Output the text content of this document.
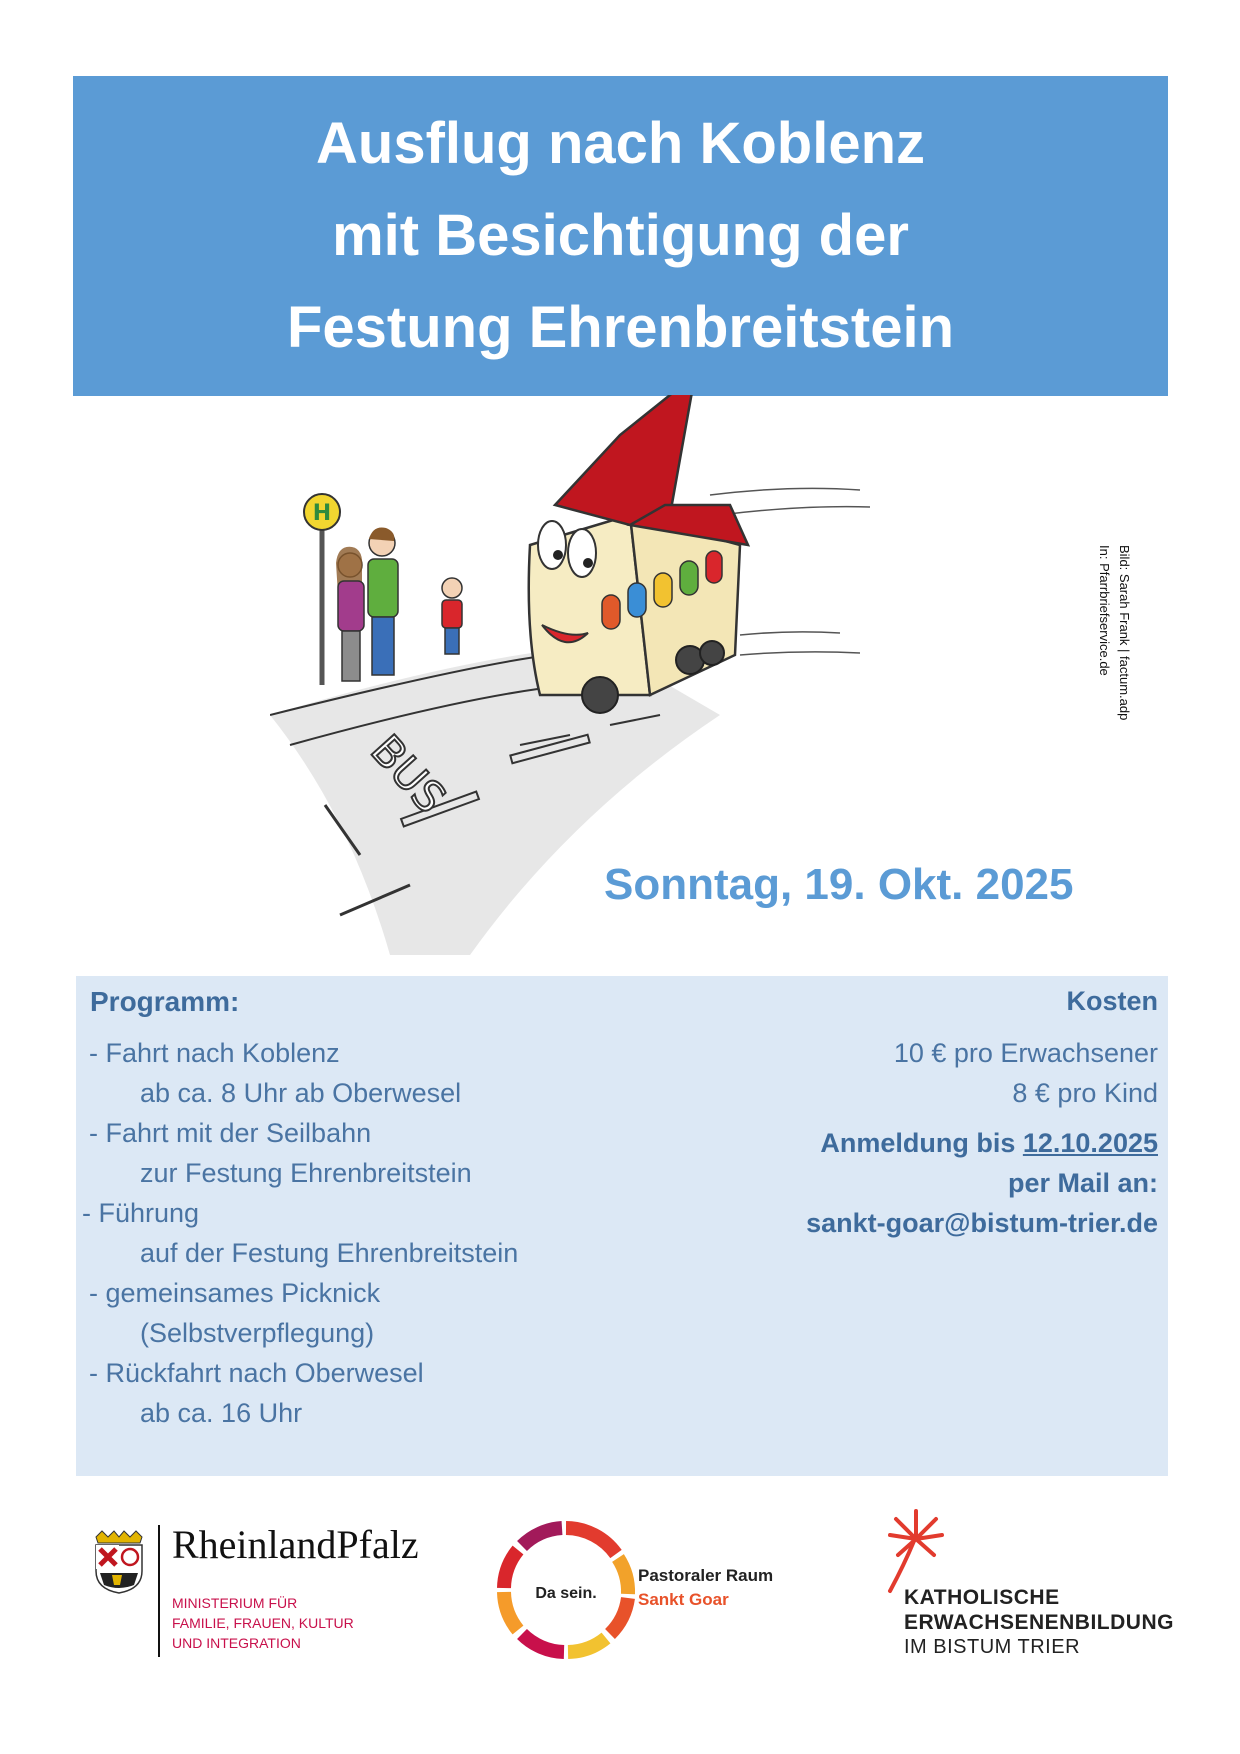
Ausflug nach Koblenz
mit Besichtigung der
Festung Ehrenbreitstein
BUS
H
Bild: Sarah Frank | factum.adp
In: Pfarrbriefservice.de
Sonntag, 19. Okt. 2025
Programm:
- Fahrt nach Koblenz
ab ca. 8 Uhr ab Oberwesel
- Fahrt mit der Seilbahn
zur Festung Ehrenbreitstein
- Führung
auf der Festung Ehrenbreitstein
- gemeinsames Picknick
(Selbstverpflegung)
- Rückfahrt nach Oberwesel
ab ca. 16 Uhr
Kosten
10 € pro Erwachsener
8 € pro Kind
Anmeldung bis 12.10.2025
per Mail an:
sankt-goar@bistum-trier.de
RheinlandPfalz
MINISTERIUM FÜR
FAMILIE, FRAUEN, KULTUR
UND INTEGRATION
Da sein.
Pastoraler Raum
Sankt Goar	KATHOLISCHE
ERWACHSENENBILDUNG
IM BISTUM TRIER
